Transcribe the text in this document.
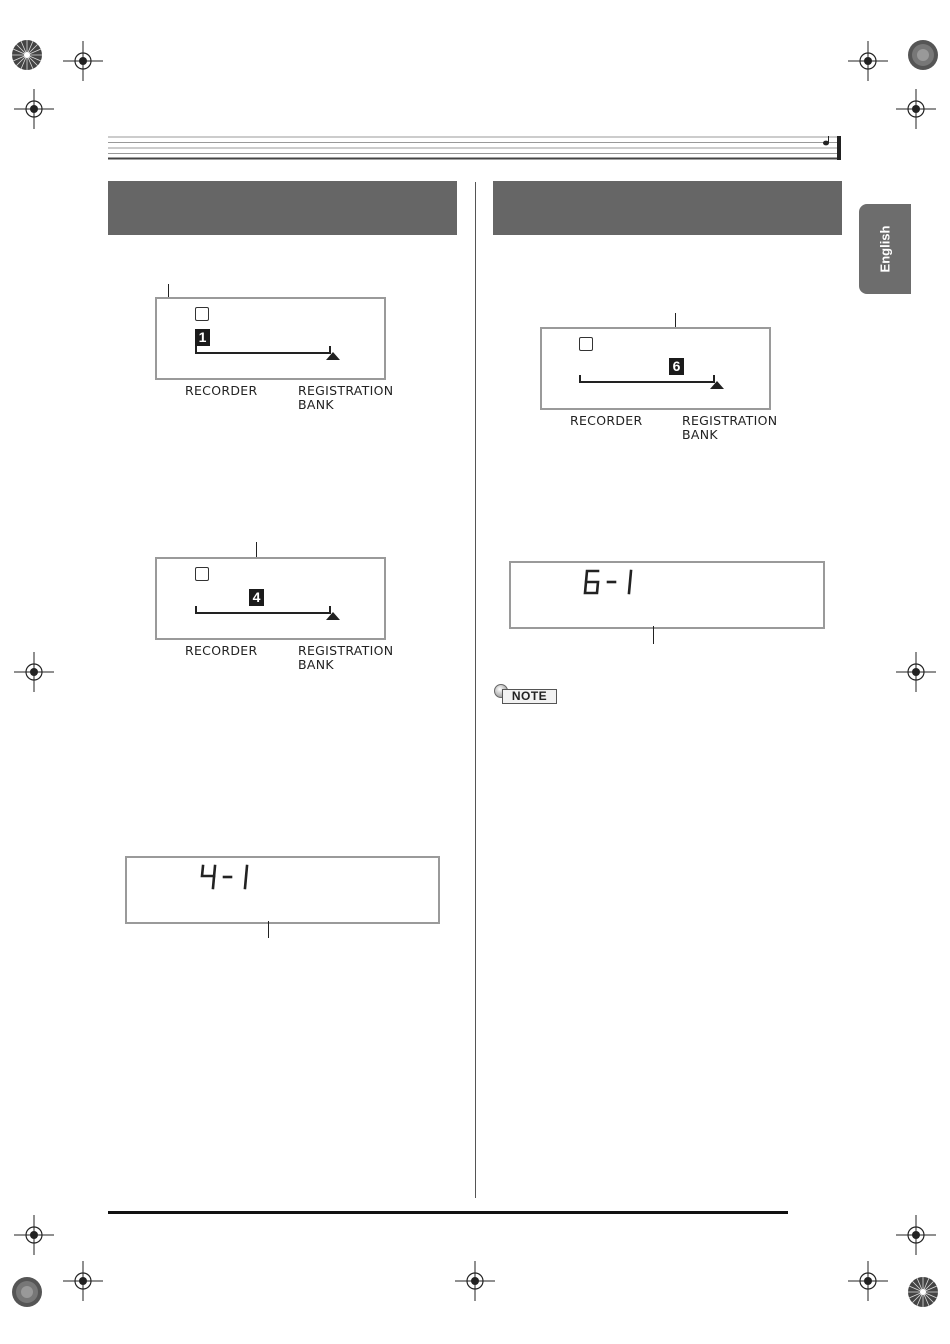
English
1
RECORDER	REGISTRATION
BANK
4
RECORDER	REGISTRATION
BANK
6
RECORDER	REGISTRATION
BANK
NOTE
